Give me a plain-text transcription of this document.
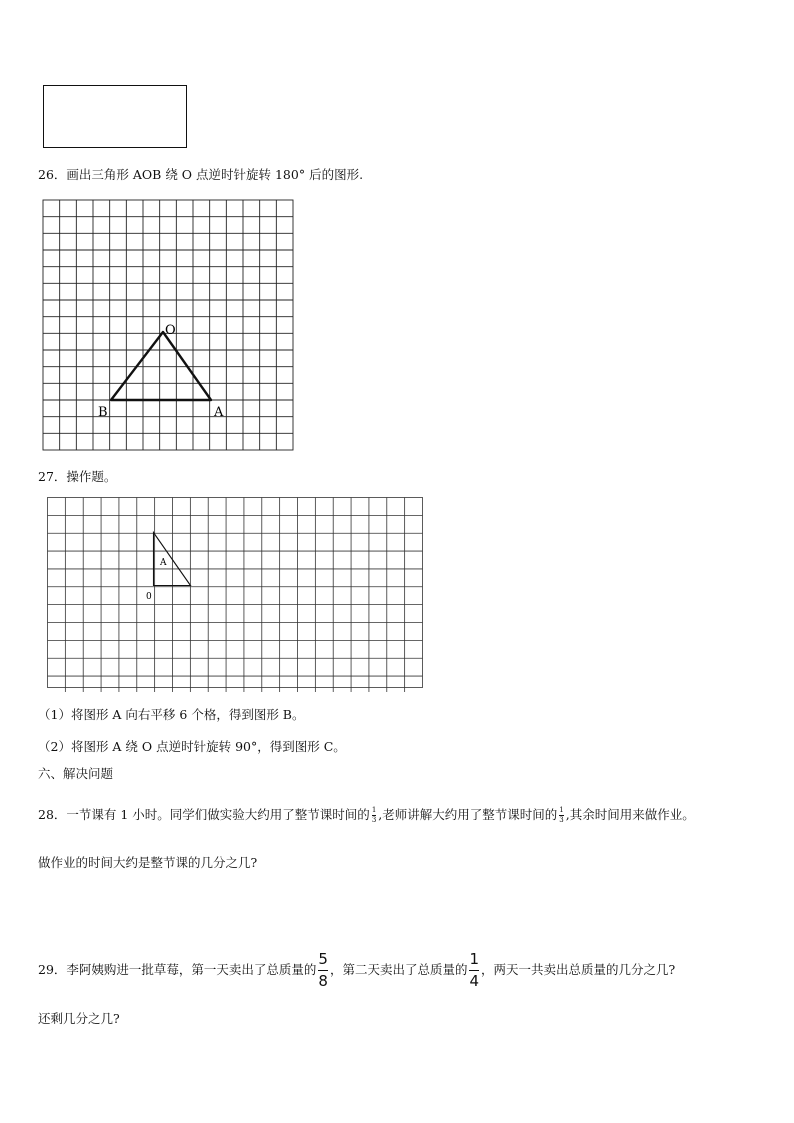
26．画出三角形 AOB 绕 O 点逆时针旋转 180° 后的图形.
O
B	A
27．操作题。
A
0
（1）将图形 A 向右平移 6 个格，得到图形 B。
（2）将图形 A 绕 O 点逆时针旋转 90°，得到图形 C。
六、解决问题
28．一节课有 1 小时。同学们做实验大约用了整节课时间的 $\frac{1}{3}$ ,老师讲解大约用了整节课时间的 $\frac{1}{3}$ ,其余时间用来做作业。
做作业的时间大约是整节课的几分之几?
29．李阿姨购进一批草莓，第一天卖出了总质量的 $\frac{5}{8}$ ，第二天卖出了总质量的 $\frac{1}{4}$ ，两天一共卖出总质量的几分之几?
还剩几分之几?
